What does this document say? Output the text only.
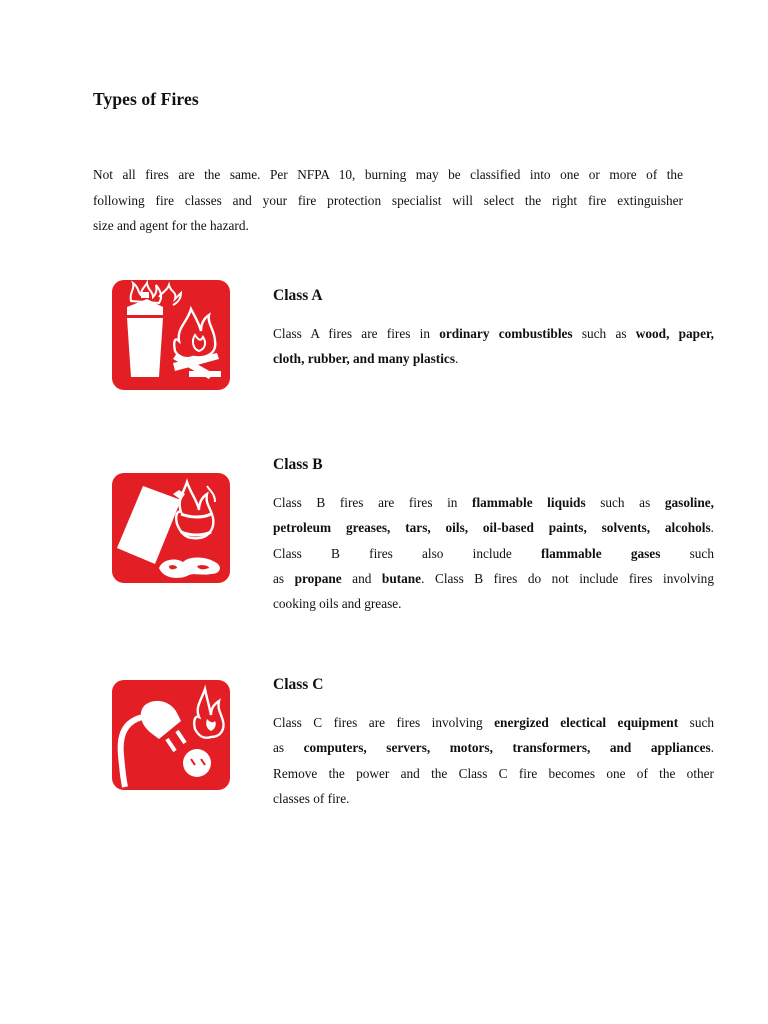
Types of Fires

Not all fires are the same. Per NFPA 10, burning may be classified into one or more of the
following fire classes and your fire protection specialist will select the right fire extinguisher
size and agent for the hazard.

Class A

Class A fires are fires in ordinary combustibles such as wood, paper,
cloth, rubber, and many plastics.

Class B

Class B fires are fires in flammable liquids such as gasoline,
petroleum greases, tars, oils, oil-based paints, solvents, alcohols.
Class B fires also include flammable gases such
as propane and butane. Class B fires do not include fires involving
cooking oils and grease.

Class C

Class C fires are fires involving energized electical equipment such
as computers, servers, motors, transformers, and appliances.
Remove the power and the Class C fire becomes one of the other
classes of fire.
